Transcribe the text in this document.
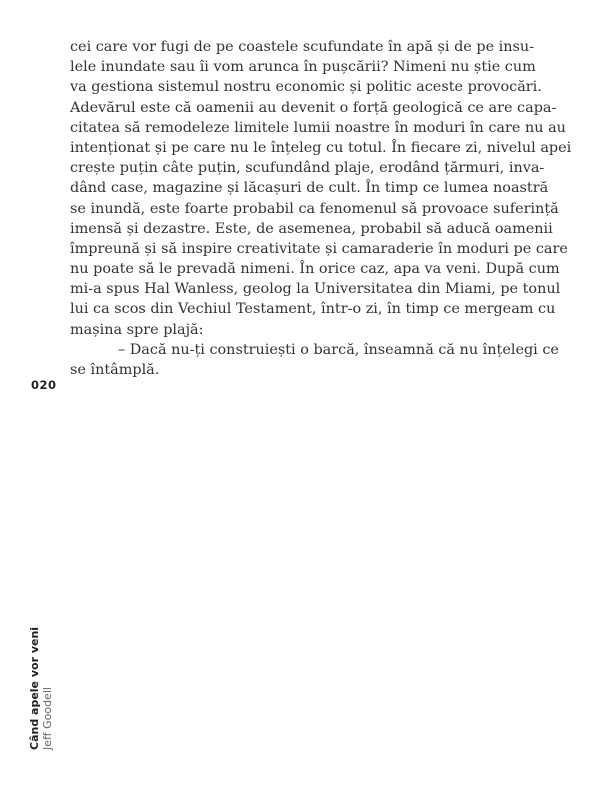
cei care vor fugi de pe coastele scufundate în apă și de pe insu-
lele inundate sau îi vom arunca în pușcării? Nimeni nu știe cum
va gestiona sistemul nostru economic și politic aceste provocări.
Adevărul este că oamenii au devenit o forță geologică ce are capa-
citatea să remodeleze limitele lumii noastre în moduri în care nu au
intenționat și pe care nu le înțeleg cu totul. În fiecare zi, nivelul apei
crește puțin câte puțin, scufundând plaje, erodând țărmuri, inva-
dând case, magazine și lăcașuri de cult. În timp ce lumea noastră
se inundă, este foarte probabil ca fenomenul să provoace suferință
imensă și dezastre. Este, de asemenea, probabil să aducă oamenii
împreună și să inspire creativitate și camaraderie în moduri pe care
nu poate să le prevadă nimeni. În orice caz, apa va veni. După cum
mi-a spus Hal Wanless, geolog la Universitatea din Miami, pe tonul
lui ca scos din Vechiul Testament, într-o zi, în timp ce mergeam cu
mașina spre plajă:
– Dacă nu-ți construiești o barcă, înseamnă că nu înțelegi ce
se întâmplă.
020
Când apele vor veni Jeff Goodell
